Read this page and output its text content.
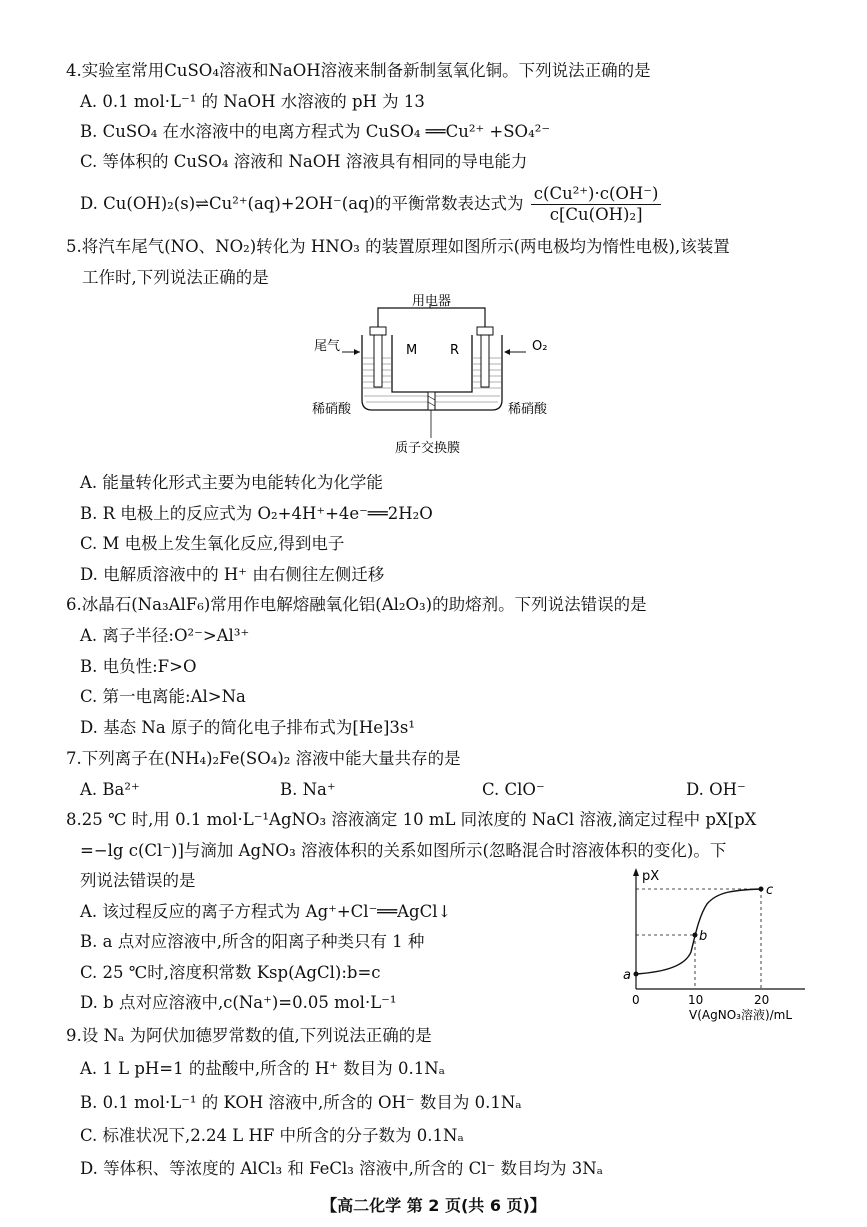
4.实验室常用CuSO₄溶液和NaOH溶液来制备新制氢氧化铜。下列说法正确的是
A. 0.1 mol·L⁻¹ 的 NaOH 水溶液的 pH 为 13
B. CuSO₄ 在水溶液中的电离方程式为 CuSO₄ ══Cu²⁺ +SO₄²⁻
C. 等体积的 CuSO₄ 溶液和 NaOH 溶液具有相同的导电能力
D. Cu(OH)₂(s)⇌Cu²⁺(aq)+2OH⁻(aq)的平衡常数表达式为 $\frac{\text{c(Cu²⁺)·c(OH⁻)}}{\text{c[Cu(OH)₂]}}$
5.将汽车尾气(NO、NO₂)转化为 HNO₃ 的装置原理如图所示(两电极均为惰性电极),该装置
工作时,下列说法正确的是
用电器
尾气	M	R	O₂
稀硝酸	稀硝酸
质子交换膜
A. 能量转化形式主要为电能转化为化学能
B. R 电极上的反应式为 O₂+4H⁺+4e⁻══2H₂O
C. M 电极上发生氧化反应,得到电子
D. 电解质溶液中的 H⁺ 由右侧往左侧迁移
6.冰晶石(Na₃AlF₆)常用作电解熔融氧化铝(Al₂O₃)的助熔剂。下列说法错误的是
A. 离子半径:O²⁻>Al³⁺
B. 电负性:F>O
C. 第一电离能:Al>Na
D. 基态 Na 原子的简化电子排布式为[He]3s¹
7.下列离子在(NH₄)₂Fe(SO₄)₂ 溶液中能大量共存的是
A. Ba²⁺	B. Na⁺	C. ClO⁻	D. OH⁻
8.25 ℃ 时,用 0.1 mol·L⁻¹AgNO₃ 溶液滴定 10 mL 同浓度的 NaCl 溶液,滴定过程中 pX[pX
=−lg c(Cl⁻)]与滴加 AgNO₃ 溶液体积的关系如图所示(忽略混合时溶液体积的变化)。下
列说法错误的是
A. 该过程反应的离子方程式为 Ag⁺+Cl⁻══AgCl↓
B. a 点对应溶液中,所含的阳离子种类只有 1 种
C. 25 ℃时,溶度积常数 Ksp(AgCl):b=c
D. b 点对应溶液中,c(Na⁺)=0.05 mol·L⁻¹
pX
a
b
c
0	10	20
V(AgNO₃溶液)/mL
9.设 Nₐ 为阿伏加德罗常数的值,下列说法正确的是
A. 1 L pH=1 的盐酸中,所含的 H⁺ 数目为 0.1Nₐ
B. 0.1 mol·L⁻¹ 的 KOH 溶液中,所含的 OH⁻ 数目为 0.1Nₐ
C. 标准状况下,2.24 L HF 中所含的分子数为 0.1Nₐ
D. 等体积、等浓度的 AlCl₃ 和 FeCl₃ 溶液中,所含的 Cl⁻ 数目均为 3Nₐ
【高二化学 第 2 页(共 6 页)】
